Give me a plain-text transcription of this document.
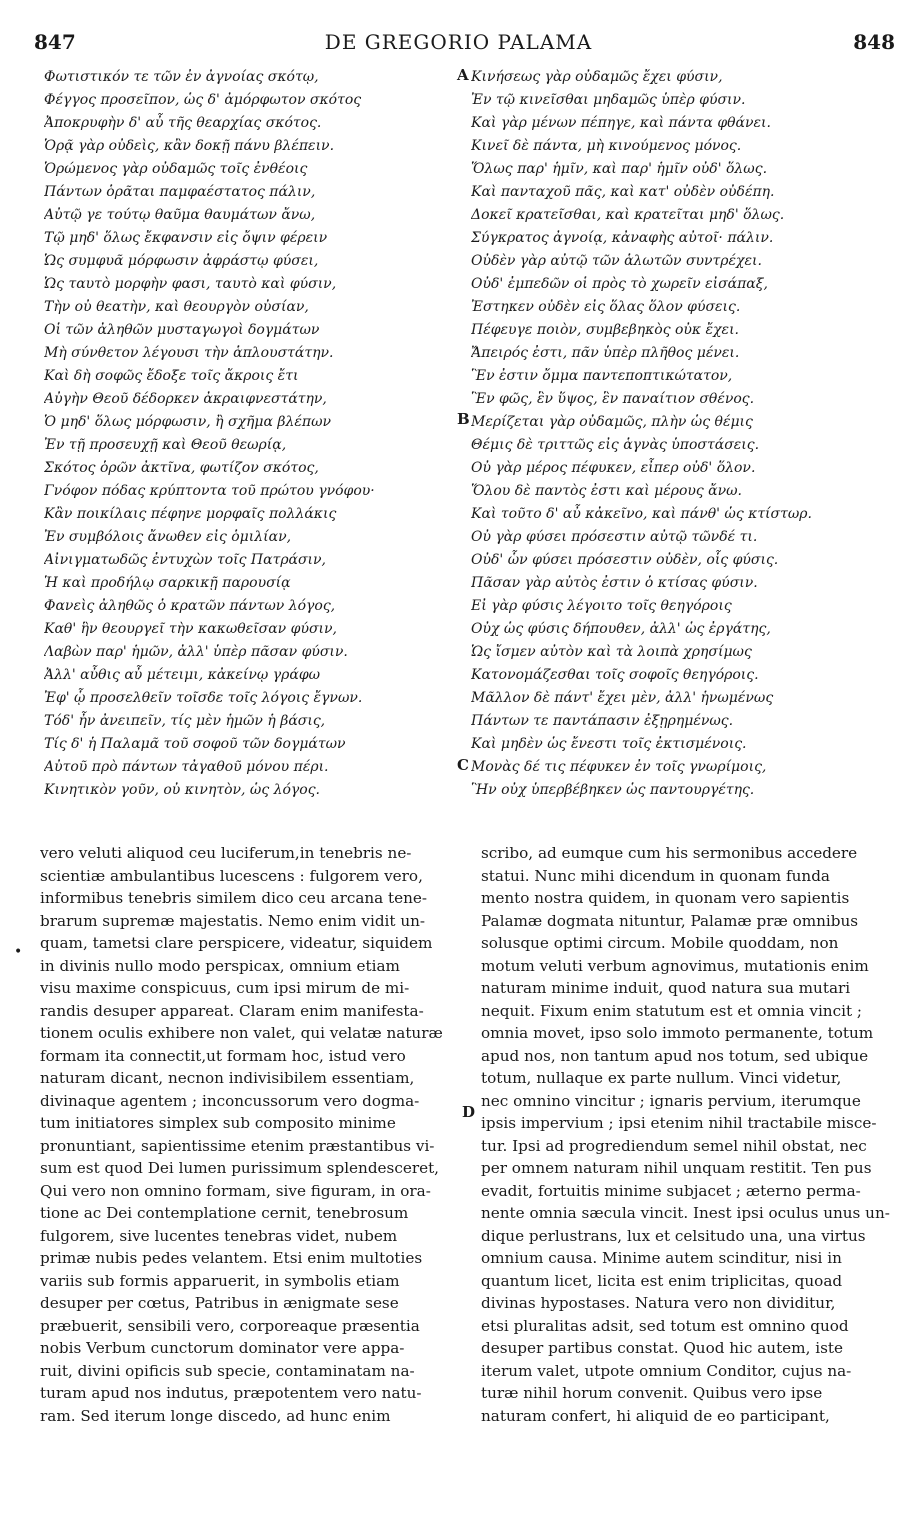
847	DE GREGORIO PALAMA	848
A
B
C
D
•
Φωτιστικόν τε τῶν ἐν ἀγνοίας σκότῳ,
Φέγγος προσεῖπον, ὡς δ' ἀμόρφωτον σκότος
Ἀποκρυφὴν δ' αὖ τῆς θεαρχίας σκότος.
Ὁρᾷ γὰρ οὐδεὶς, κἂν δοκῇ πάνυ βλέπειν.
Ὁρώμενος γὰρ οὐδαμῶς τοῖς ἐνθέοις
Πάντων ὁρᾶται παμφαέστατος πάλιν,
Αὐτῷ γε τούτῳ θαῦμα θαυμάτων ἄνω,
Τῷ μηδ' ὅλως ἔκφανσιν εἰς ὄψιν φέρειν
Ὡς συμφυᾶ μόρφωσιν ἀφράστῳ φύσει,
Ὡς ταυτὸ μορφὴν φασι, ταυτὸ καὶ φύσιν,
Τὴν οὐ θεατὴν, καὶ θεουργὸν οὐσίαν,
Οἱ τῶν ἀληθῶν μυσταγωγοὶ δογμάτων
Μὴ σύνθετον λέγουσι τὴν ἁπλουστάτην.
Καὶ δὴ σοφῶς ἔδοξε τοῖς ἄκροις ἔτι
Αὐγὴν Θεοῦ δέδορκεν ἀκραιφνεστάτην,
Ὁ μηδ' ὅλως μόρφωσιν, ἢ σχῆμα βλέπων
Ἐν τῇ προσευχῇ καὶ Θεοῦ θεωρίᾳ,
Σκότος ὁρῶν ἀκτῖνα, φωτίζον σκότος,
Γνόφον πόδας κρύπτοντα τοῦ πρώτου γνόφου·
Κἂν ποικίλαις πέφηνε μορφαῖς πολλάκις
Ἐν συμβόλοις ἄνωθεν εἰς ὁμιλίαν,
Αἰνιγματωδῶς ἐντυχὼν τοῖς Πατράσιν,
Ἡ καὶ προδήλῳ σαρκικῇ παρουσίᾳ
Φανεὶς ἀληθῶς ὁ κρατῶν πάντων λόγος,
Καθ' ἣν θεουργεῖ τὴν κακωθεῖσαν φύσιν,
Λαβὼν παρ' ἡμῶν, ἀλλ' ὑπὲρ πᾶσαν φύσιν.
Ἀλλ' αὖθις αὖ μέτειμι, κἀκείνῳ γράφω
Ἐφ' ᾧ προσελθεῖν τοῖσδε τοῖς λόγοις ἔγνων.
Τόδ' ἦν ἀνειπεῖν, τίς μὲν ἡμῶν ἡ βάσις,
Τίς δ' ἡ Παλαμᾶ τοῦ σοφοῦ τῶν δογμάτων
Αὐτοῦ πρὸ πάντων τἀγαθοῦ μόνου πέρι.
Κινητικὸν γοῦν, οὐ κινητὸν, ὡς λόγος.
Κινήσεως γὰρ οὐδαμῶς ἔχει φύσιν,
Ἐν τῷ κινεῖσθαι μηδαμῶς ὑπὲρ φύσιν.
Καὶ γὰρ μένων πέπηγε, καὶ πάντα φθάνει.
Κινεῖ δὲ πάντα, μὴ κινούμενος μόνος.
Ὅλως παρ' ἡμῖν, καὶ παρ' ἡμῖν οὐδ' ὅλως.
Καὶ πανταχοῦ πᾶς, καὶ κατ' οὐδὲν οὐδέπη.
Δοκεῖ κρατεῖσθαι, καὶ κρατεῖται μηδ' ὅλως.
Σύγκρατος ἀγνοίᾳ, κἀναφὴς αὐτοῖ· πάλιν.
Οὐδὲν γὰρ αὐτῷ τῶν ἁλωτῶν συντρέχει.
Οὐδ' ἐμπεδῶν οἱ πρὸς τὸ χωρεῖν εἰσάπαξ,
Ἐστηκεν οὐδὲν εἰς ὅλας ὅλον φύσεις.
Πέφευγε ποιὸν, συμβεβηκὸς οὐκ ἔχει.
Ἄπειρός ἐστι, πᾶν ὑπὲρ πλῆθος μένει.
Ἓν ἐστιν ὄμμα παντεποπτικώτατον,
Ἓν φῶς, ἓν ὕψος, ἓν παναίτιον σθένος.
Μερίζεται γὰρ οὐδαμῶς, πλὴν ὡς θέμις
Θέμις δὲ τριττῶς εἰς ἁγνὰς ὑποστάσεις.
Οὐ γὰρ μέρος πέφυκεν, εἶπερ οὐδ' ὅλον.
Ὅλου δὲ παντὸς ἐστι καὶ μέρους ἄνω.
Καὶ τοῦτο δ' αὖ κἀκεῖνο, καὶ πάνθ' ὡς κτίστωρ.
Οὐ γὰρ φύσει πρόσεστιν αὐτῷ τῶνδέ τι.
Οὐδ' ὧν φύσει πρόσεστιν οὐδὲν, οἷς φύσις.
Πᾶσαν γὰρ αὐτὸς ἐστιν ὁ κτίσας φύσιν.
Εἰ γὰρ φύσις λέγοιτο τοῖς θεηγόροις
Οὐχ ὡς φύσις δήπουθεν, ἀλλ' ὡς ἐργάτης,
Ὡς ἴσμεν αὐτὸν καὶ τὰ λοιπὰ χρησίμως
Κατονομάζεσθαι τοῖς σοφοῖς θεηγόροις.
Μᾶλλον δὲ πάντ' ἔχει μὲν, ἀλλ' ἡνωμένως
Πάντων τε παντάπασιν ἐξῃρημένως.
Καὶ μηδὲν ὡς ἔνεστι τοῖς ἐκτισμένοις.
Μονὰς δέ τις πέφυκεν ἐν τοῖς γνωρίμοις,
Ἣν οὐχ ὑπερβέβηκεν ὡς παντουργέτης.
vero veluti aliquod ceu luciferum,in tenebris ne-
scientiæ ambulantibus lucescens : fulgorem vero,
informibus tenebris similem dico ceu arcana tene-
brarum supremæ majestatis. Nemo enim vidit un-
quam, tametsi clare perspicere, videatur, siquidem
in divinis nullo modo perspicax, omnium etiam
visu maxime conspicuus, cum ipsi mirum de mi-
randis desuper appareat. Claram enim manifesta-
tionem oculis exhibere non valet, qui velatæ naturæ
formam ita connectit,ut formam hoc, istud vero
naturam dicant, necnon indivisibilem essentiam,
divinaque agentem ; inconcussorum vero dogma-
tum initiatores simplex sub composito minime
pronuntiant, sapientissime etenim præstantibus vi-
sum est quod Dei lumen purissimum splendesceret,
Qui vero non omnino formam, sive figuram, in ora-
tione ac Dei contemplatione cernit, tenebrosum
fulgorem, sive lucentes tenebras videt, nubem
primæ nubis pedes velantem. Etsi enim multoties
variis sub formis apparuerit, in symbolis etiam
desuper per cœtus, Patribus in ænigmate sese
præbuerit, sensibili vero, corporeaque præsentia
nobis Verbum cunctorum dominator vere appa-
ruit, divini opificis sub specie, contaminatam na-
turam apud nos indutus, præpotentem vero natu-
ram. Sed iterum longe discedo, ad hunc enim
scribo, ad eumque cum his sermonibus accedere
statui. Nunc mihi dicendum in quonam funda
mento nostra quidem, in quonam vero sapientis
Palamæ dogmata nituntur, Palamæ præ omnibus
solusque optimi circum. Mobile quoddam, non
motum veluti verbum agnovimus, mutationis enim
naturam minime induit, quod natura sua mutari
nequit. Fixum enim statutum est et omnia vincit ;
omnia movet, ipso solo immoto permanente, totum
apud nos, non tantum apud nos totum, sed ubique
totum, nullaque ex parte nullum. Vinci videtur,
nec omnino vincitur ; ignaris pervium, iterumque
ipsis impervium ; ipsi etenim nihil tractabile misce-
tur. Ipsi ad progrediendum semel nihil obstat, nec
per omnem naturam nihil unquam restitit. Ten pus
evadit, fortuitis minime subjacet ; æterno perma-
nente omnia sæcula vincit. Inest ipsi oculus unus un-
dique perlustrans, lux et celsitudo una, una virtus
omnium causa. Minime autem scinditur, nisi in
quantum licet, licita est enim triplicitas, quoad
divinas hypostases. Natura vero non dividitur,
etsi pluralitas adsit, sed totum est omnino quod
desuper partibus constat. Quod hic autem, iste
iterum valet, utpote omnium Conditor, cujus na-
turæ nihil horum convenit. Quibus vero ipse
naturam confert, hi aliquid de eo participant,
